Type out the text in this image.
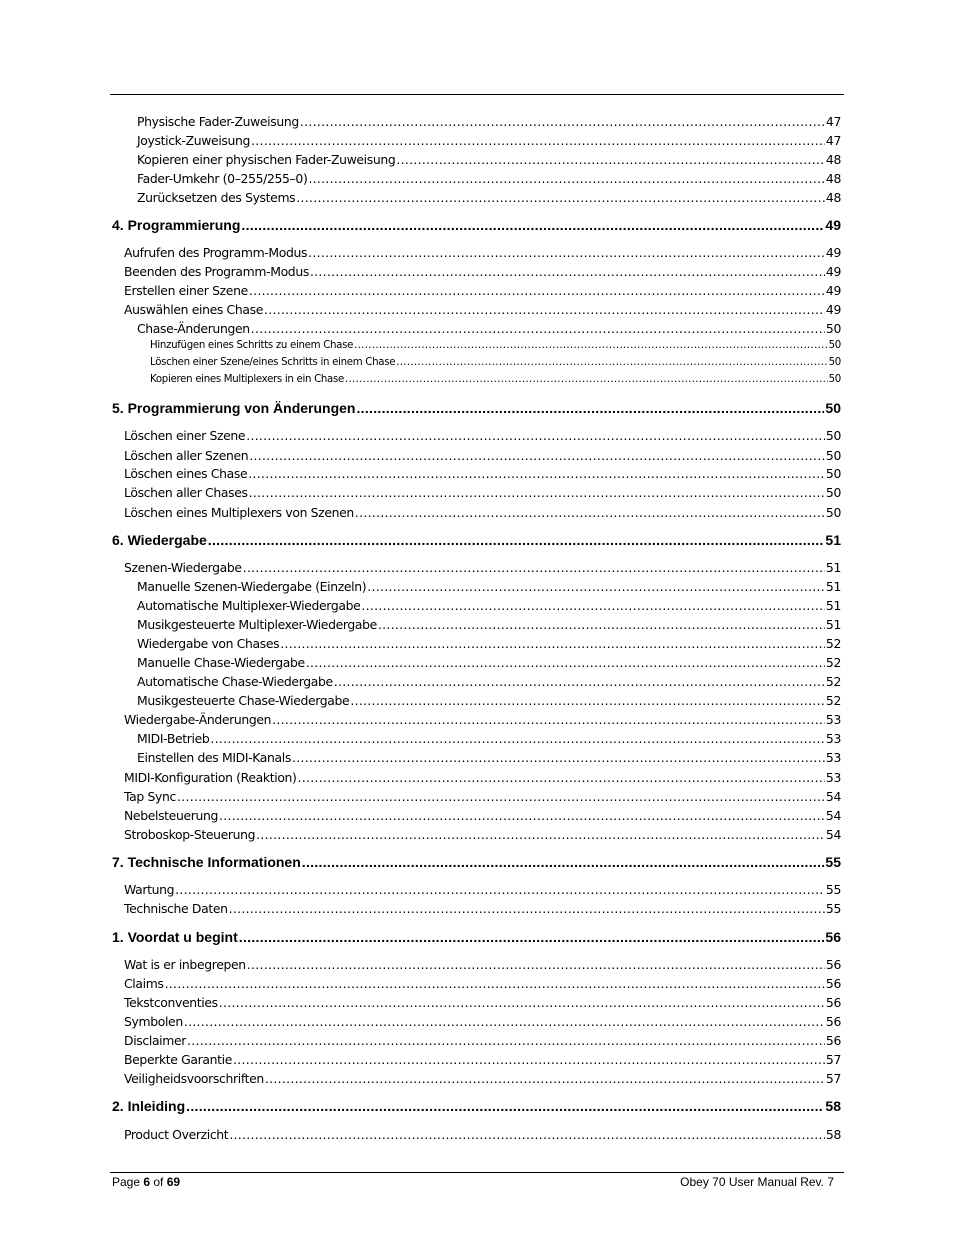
Physische Fader-Zuweisung .....	47
Joystick-Zuweisung .....	47
Kopieren einer physischen Fader-Zuweisung .....	48
Fader-Umkehr (0–255/255–0) .....	48
Zurücksetzen des Systems .....	48
4. Programmierung .....	49
Aufrufen des Programm-Modus .....	49
Beenden des Programm-Modus .....	49
Erstellen einer Szene .....	49
Auswählen eines Chase .....	49
Chase-Änderungen .....	50
Hinzufügen eines Schritts zu einem Chase .....	50
Löschen einer Szene/eines Schritts in einem Chase .....	50
Kopieren eines Multiplexers in ein Chase .....	50
5. Programmierung von Änderungen .....	50
Löschen einer Szene .....	50
Löschen aller Szenen .....	50
Löschen eines Chase .....	50
Löschen aller Chases .....	50
Löschen eines Multiplexers von Szenen .....	50
6. Wiedergabe .....	51
Szenen-Wiedergabe .....	51
Manuelle Szenen-Wiedergabe (Einzeln) .....	51
Automatische Multiplexer-Wiedergabe .....	51
Musikgesteuerte Multiplexer-Wiedergabe .....	51
Wiedergabe von Chases .....	52
Manuelle Chase-Wiedergabe .....	52
Automatische Chase-Wiedergabe .....	52
Musikgesteuerte Chase-Wiedergabe .....	52
Wiedergabe-Änderungen .....	53
MIDI-Betrieb .....	53
Einstellen des MIDI-Kanals .....	53
MIDI-Konfiguration (Reaktion) .....	53
Tap Sync .....	54
Nebelsteuerung .....	54
Stroboskop-Steuerung .....	54
7. Technische Informationen .....	55
Wartung .....	55
Technische Daten .....	55
1. Voordat u begint .....	56
Wat is er inbegrepen .....	56
Claims .....	56
Tekstconventies .....	56
Symbolen .....	56
Disclaimer .....	56
Beperkte Garantie .....	57
Veiligheidsvoorschriften .....	57
2. Inleiding .....	58
Product Overzicht .....	58
Page 6 of 69	Obey 70 User Manual Rev. 7
